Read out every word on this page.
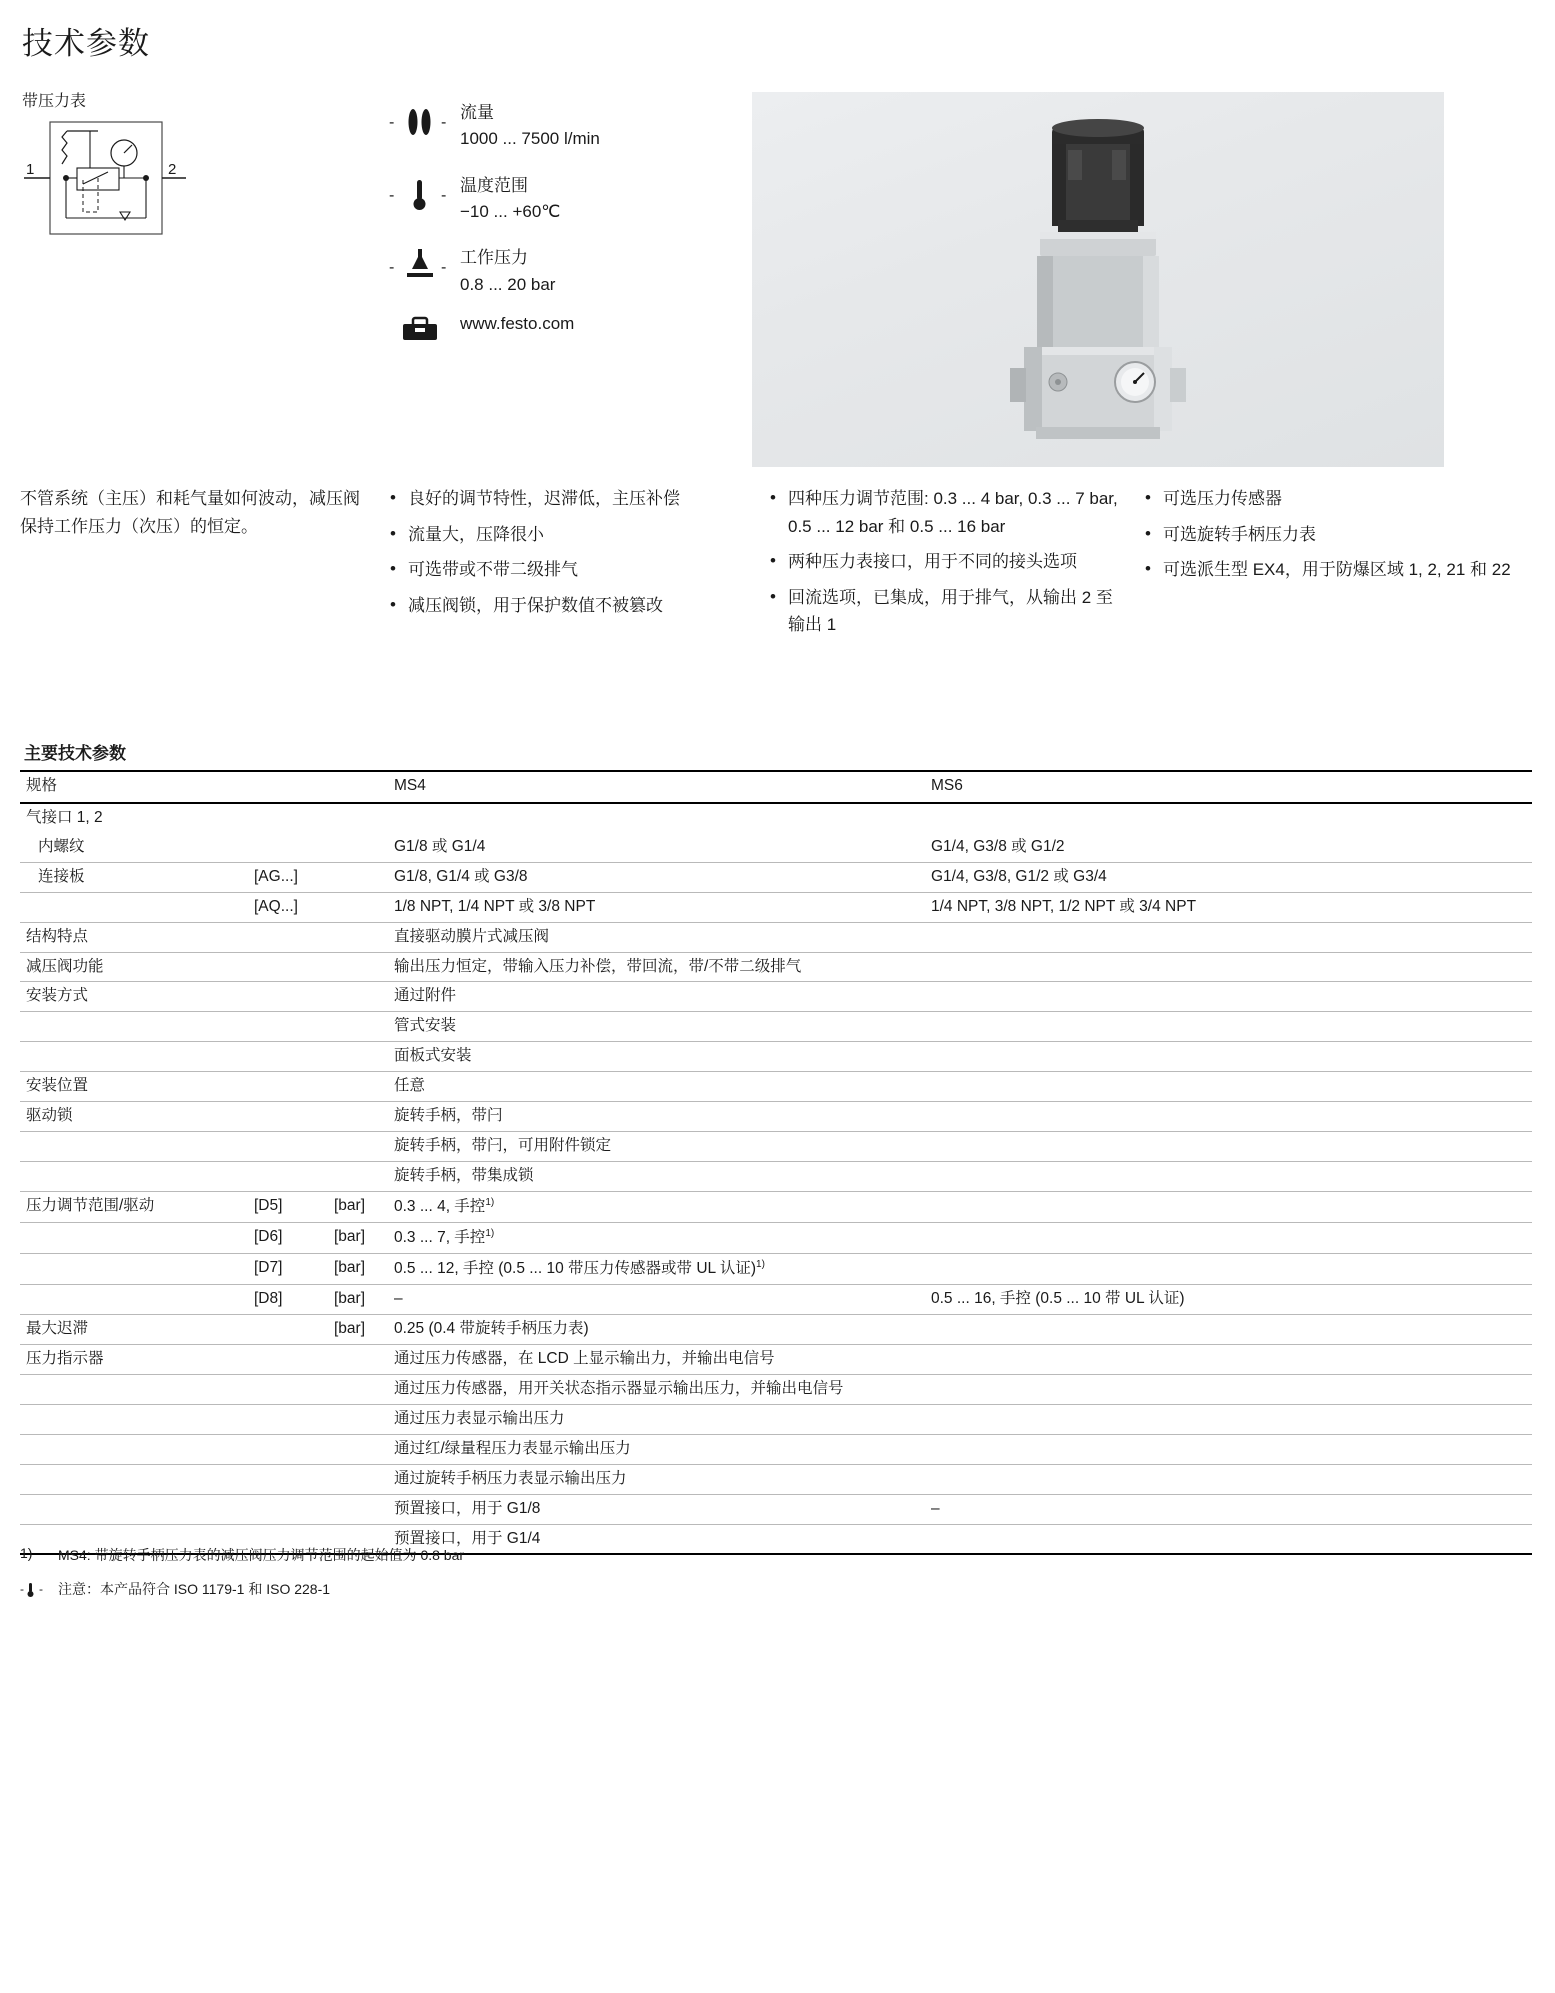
技术参数
带压力表
1	2
-	-
流量
1000 ... 7500 l/min
-	-
温度范围
−10 ... +60℃
-	-
工作压力
0.8 ... 20 bar
www.festo.com
不管系统（主压）和耗气量如何波动，减压阀保持工作压力（次压）的恒定。
• 良好的调节特性，迟滞低，主压补偿
• 流量大，压降很小
• 可选带或不带二级排气
• 减压阀锁，用于保护数值不被篡改
• 四种压力调节范围: 0.3 ... 4 bar, 0.3 ... 7 bar, 0.5 ... 12 bar 和 0.5 ... 16 bar
• 两种压力表接口，用于不同的接头选项
• 回流选项，已集成，用于排气，从输出 2 至输出 1
• 可选压力传感器
• 可选旋转手柄压力表
• 可选派生型 EX4，用于防爆区域 1, 2, 21 和 22
主要技术参数
规格			MS4	MS6
气接口 1, 2				
内螺纹			G1/8 或 G1/4	G1/4, G3/8 或 G1/2
连接板	[AG...]		G1/8, G1/4 或 G3/8	G1/4, G3/8, G1/2 或 G3/4
	[AQ...]		1/8 NPT, 1/4 NPT 或 3/8 NPT	1/4 NPT, 3/8 NPT, 1/2 NPT 或 3/4 NPT
结构特点			直接驱动膜片式减压阀	
减压阀功能			输出压力恒定，带输入压力补偿，带回流，带/不带二级排气	
安装方式			通过附件	
			管式安装	
			面板式安装	
安装位置			任意	
驱动锁			旋转手柄，带闩	
			旋转手柄，带闩，可用附件锁定	
			旋转手柄，带集成锁	
压力调节范围/驱动	[D5]	[bar]	0.3 ... 4, 手控$^{1)}$
	[D6]	[bar]	0.3 ... 7, 手控$^{1)}$
	[D7]	[bar]	0.5 ... 12, 手控 (0.5 ... 10 带压力传感器或带 UL 认证)$^{1)}$
	[D8]	[bar]	–	0.5 ... 16, 手控 (0.5 ... 10 带 UL 认证)
最大迟滞		[bar]	0.25 (0.4 带旋转手柄压力表)	
压力指示器			通过压力传感器，在 LCD 上显示输出力，并输出电信号	
			通过压力传感器，用开关状态指示器显示输出压力，并输出电信号	
			通过压力表显示输出压力	
			通过红/绿量程压力表显示输出压力	
			通过旋转手柄压力表显示输出压力	
			预置接口，用于 G1/8	–
			预置接口，用于 G1/4	
1)	MS4: 带旋转手柄压力表的减压阀压力调节范围的起始值为 0.8 bar
- - 注意：本产品符合 ISO 1179-1 和 ISO 228-1
